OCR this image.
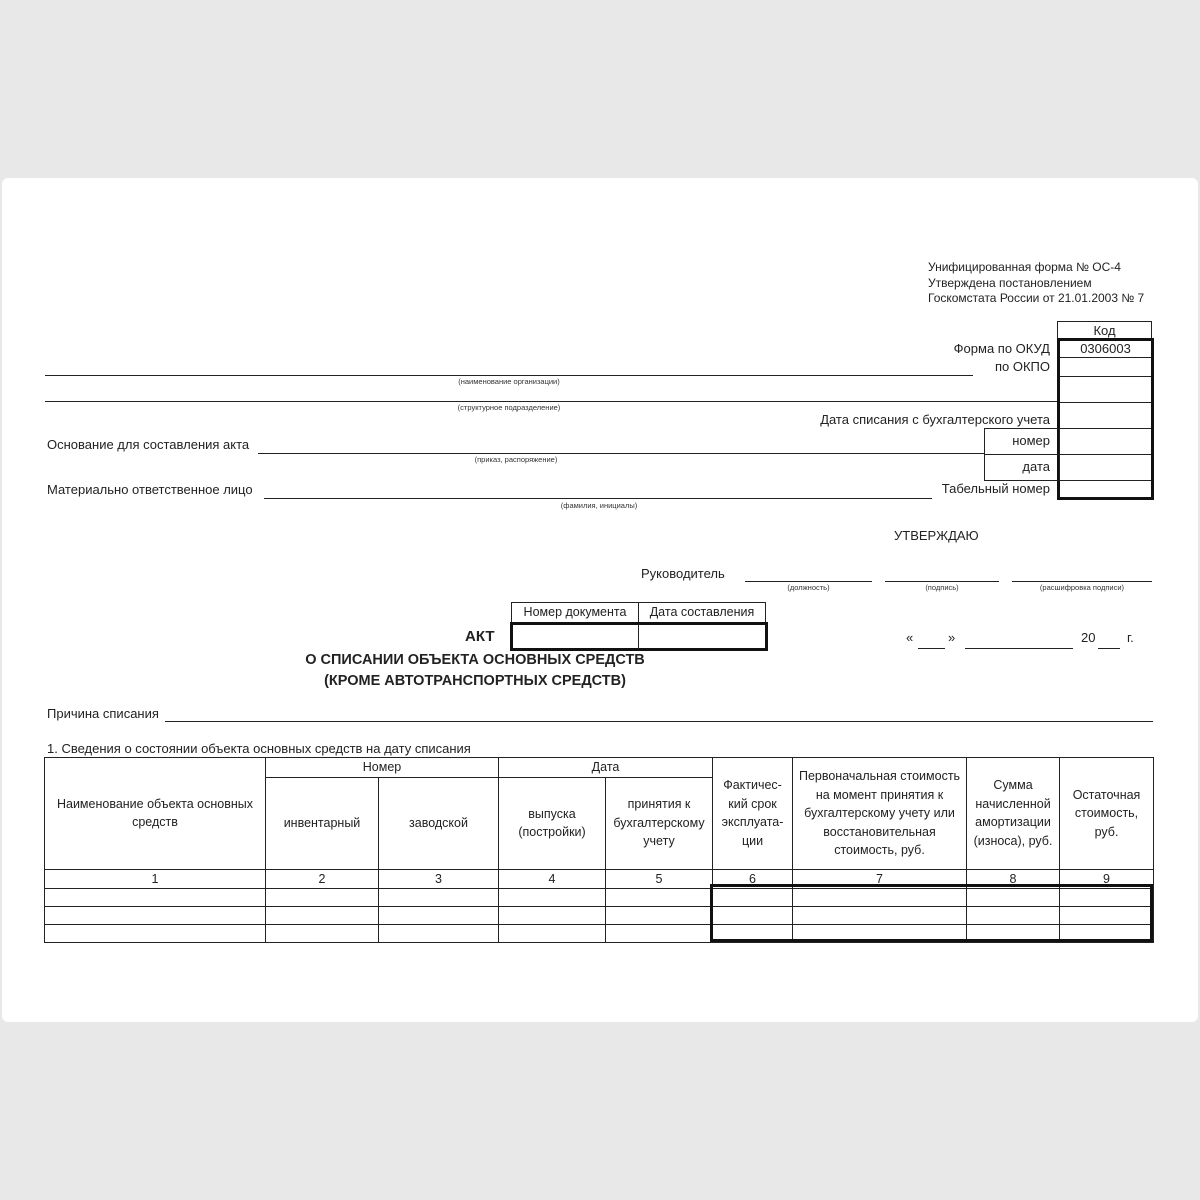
Унифицированная форма № ОС-4
Утверждена постановлением
Госкомстата России от 21.01.2003 № 7
Код
0306003
Форма по ОКУД
по ОКПО
Дата списания с бухгалтерского учета
номер
дата
Табельный номер
(наименование организации)
(структурное подразделение)
Основание для составления акта
(приказ, распоряжение)
Материально ответственное лицо
(фамилия, инициалы)
УТВЕРЖДАЮ
Руководитель
(должность)	(подпись)	(расшифровка подписи)
«	»	20 г.
Номер документа	Дата составления
АКТ
О СПИСАНИИ ОБЪЕКТА ОСНОВНЫХ СРЕДСТВ
(КРОМЕ АВТОТРАНСПОРТНЫХ СРЕДСТВ)
Причина списания
1. Сведения о состоянии объекта основных средств на дату списания
Наименование объекта основных средств	Номер		Дата		Фактичес-кий срок эксплуата-ции	Первоначальная стоимость на момент принятия к бухгалтерскому учету или восстановительная стоимость, руб.	Сумма начисленной амортизации (износа), руб.	Остаточная стоимость, руб.
	инвентарный	заводской	выпуска (постройки)	принятия к бухгалтерскому учету				
1	2	3	4	5	6	7	8	9
